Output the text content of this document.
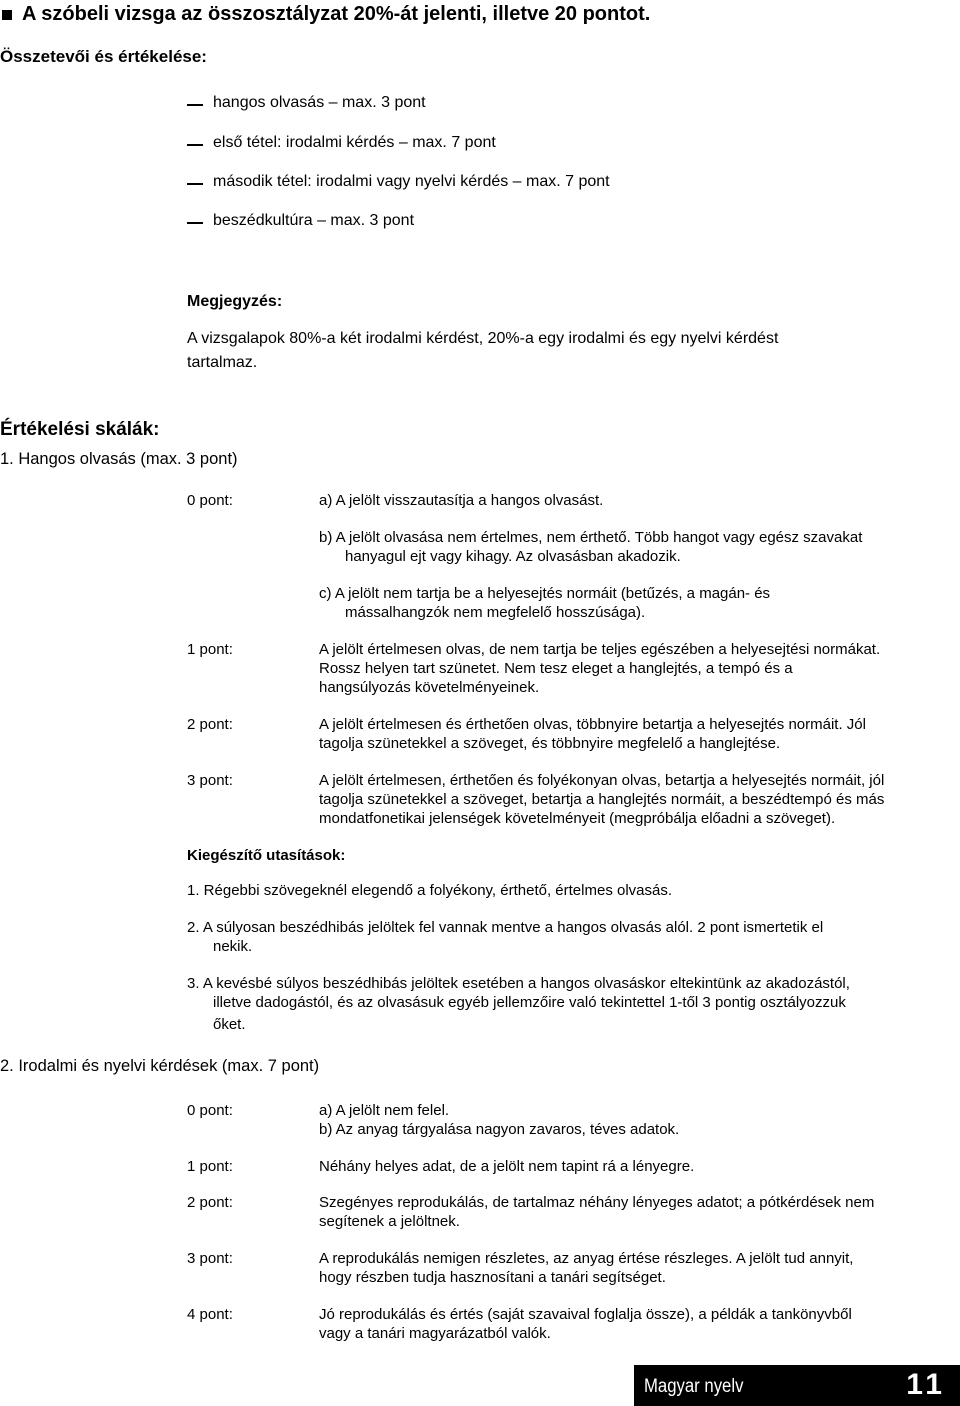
A szóbeli vizsga az összosztályzat 20%-át jelenti, illetve 20 pontot.
Összetevői és értékelése:
hangos olvasás – max. 3 pont
első tétel: irodalmi kérdés – max. 7 pont
második tétel: irodalmi vagy nyelvi kérdés – max. 7 pont
beszédkultúra – max. 3 pont
Megjegyzés:
A vizsgalapok 80%-a két irodalmi kérdést, 20%-a egy irodalmi és egy nyelvi kérdést
tartalmaz.
Értékelési skálák:
1. Hangos olvasás (max. 3 pont)
0 pont:	a) A jelölt visszautasítja a hangos olvasást.
b) A jelölt olvasása nem értelmes, nem érthető. Több hangot vagy egész szavakat
hanyagul ejt vagy kihagy. Az olvasásban akadozik.
c) A jelölt nem tartja be a helyesejtés normáit (betűzés, a magán- és
mássalhangzók nem megfelelő hosszúsága).
1 pont:	A jelölt értelmesen olvas, de nem tartja be teljes egészében a helyesejtési normákat.
Rossz helyen tart szünetet. Nem tesz eleget a hanglejtés, a tempó és a
hangsúlyozás követelményeinek.
2 pont:	A jelölt értelmesen és érthetően olvas, többnyire betartja a helyesejtés normáit. Jól
tagolja szünetekkel a szöveget, és többnyire megfelelő a hanglejtése.
3 pont:	A jelölt értelmesen, érthetően és folyékonyan olvas, betartja a helyesejtés normáit, jól
tagolja szünetekkel a szöveget, betartja a hanglejtés normáit, a beszédtempó és más
mondatfonetikai jelenségek követelményeit (megpróbálja előadni a szöveget).
Kiegészítő utasítások:
1. Régebbi szövegeknél elegendő a folyékony, érthető, értelmes olvasás.
2. A súlyosan beszédhibás jelöltek fel vannak mentve a hangos olvasás alól. 2 pont ismertetik el
nekik.
3. A kevésbé súlyos beszédhibás jelöltek esetében a hangos olvasáskor eltekintünk az akadozástól,
illetve dadogástól, és az olvasásuk egyéb jellemzőire való tekintettel 1-től 3 pontig osztályozzuk
őket.
2. Irodalmi és nyelvi kérdések (max. 7 pont)
0 pont:	a) A jelölt nem felel.
b) Az anyag tárgyalása nagyon zavaros, téves adatok.
1 pont:	Néhány helyes adat, de a jelölt nem tapint rá a lényegre.
2 pont:	Szegényes reprodukálás, de tartalmaz néhány lényeges adatot; a pótkérdések nem
segítenek a jelöltnek.
3 pont:	A reprodukálás nemigen részletes, az anyag értése részleges. A jelölt tud annyit,
hogy részben tudja hasznosítani a tanári segítséget.
4 pont:	Jó reprodukálás és értés (saját szavaival foglalja össze), a példák a tankönyvből
vagy a tanári magyarázatból valók.
Magyar nyelv	11
